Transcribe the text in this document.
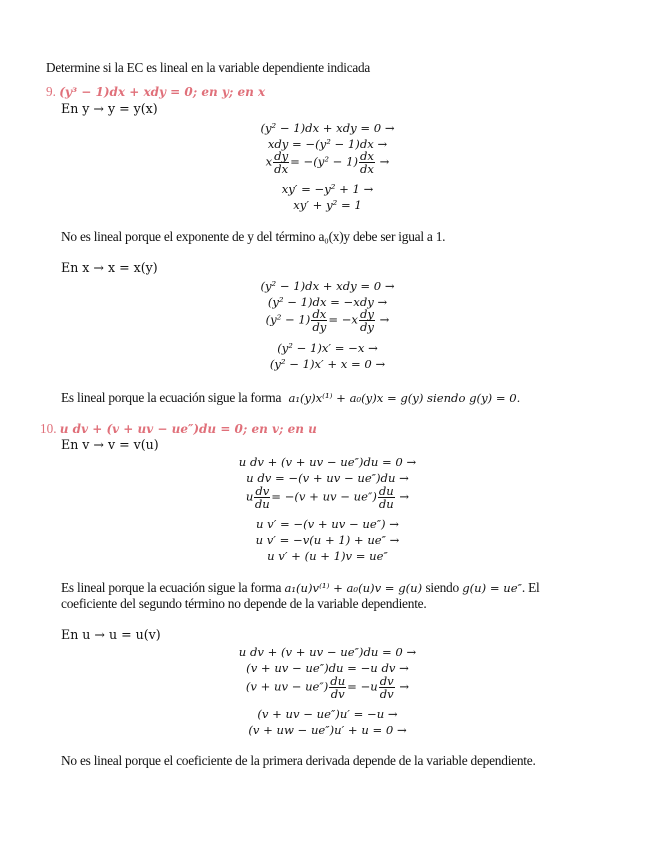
Determine si la EC es lineal en la variable dependiente indicada
9. (y³ − 1)dx + xdy = 0; en y; en x
En y → y = y(x)
(y² − 1)dx + xdy = 0 →
xdy = −(y² − 1)dx →
x $\frac{dy}{dx} = -(y^2 - 1) \frac{dx}{dx}$ →
xy′ = −y² + 1 →
xy′ + y² = 1
No es lineal porque el exponente de y del término a₀(x)y debe ser igual a 1.
En x → x = x(y)
(y² − 1)dx + xdy = 0 →
(y² − 1)dx = −xdy →
$(y^2 - 1) \frac{dx}{dy} = -x \frac{dy}{dy}$ →
(y² − 1)x′ = −x →
(y² − 1)x′ + x = 0 →
Es lineal porque la ecuación sigue la forma a₁(y)x⁽¹⁾ + a₀(y)x = g(y) siendo g(y) = 0.
10. u dv + (v + uv − ue″)du = 0; en v; en u
En v → v = v(u)
u dv + (v + uv − ue″)du = 0 →
u dv = −(v + uv − ue″)du →
u $\frac{dv}{du} = -(v$ + uv − $ue'') \frac{du}{du}$ →
u v′ = −(v + uv − ue″) →
u v′ = −v(u + 1) + ue″ →
u v′ + (u + 1)v = ue″
Es lineal porque la ecuación sigue la forma a₁(u)v⁽¹⁾ + a₀(u)v = g(u) siendo g(u) = ue″. El
coeficiente del segundo término no depende de la variable dependiente.
En u → u = u(v)
u dv + (v + uv − ue″)du = 0 →
(v + uv − ue″)du = −u dv →
(v + uv − $ue'') \frac{du}{dv} = -u \frac{dv}{dv}$ →
(v + uv − ue″)u′ = −u →
(v + uw − ue″)u′ + u = 0 →
No es lineal porque el coeficiente de la primera derivada depende de la variable dependiente.
